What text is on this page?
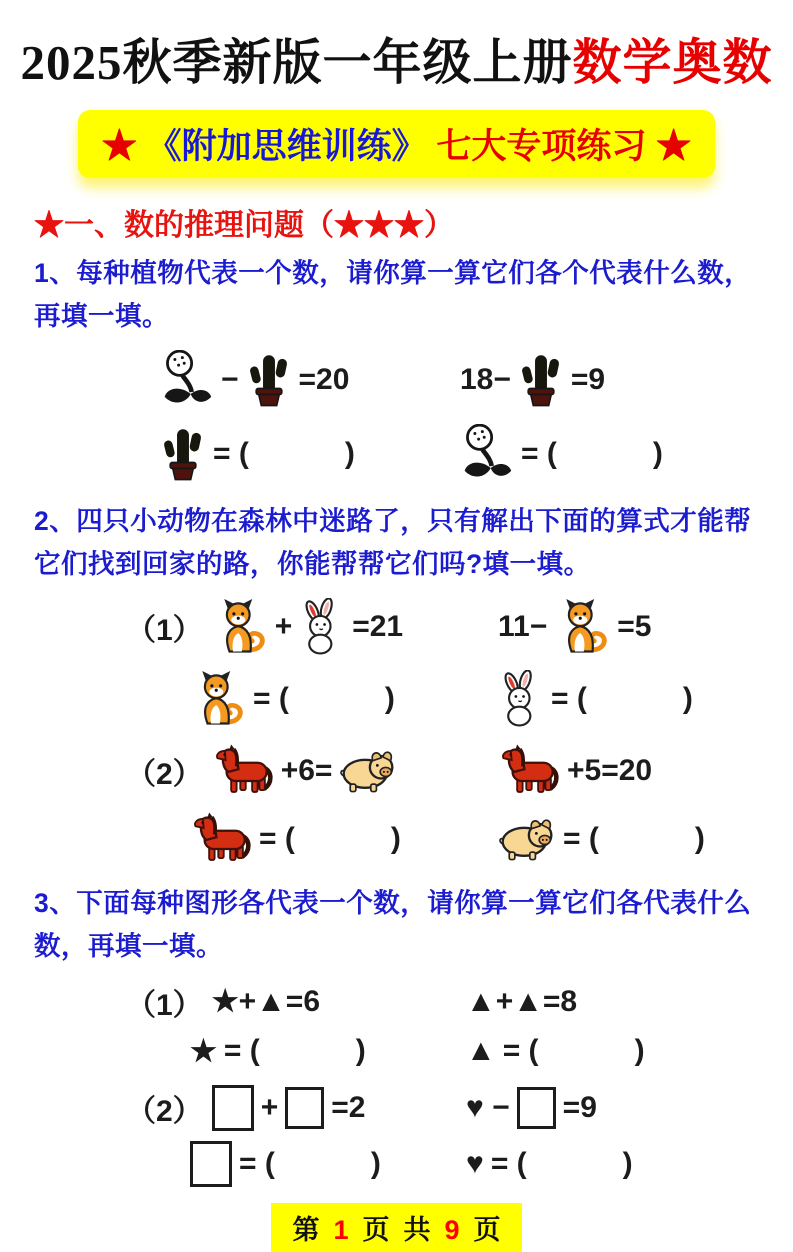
2025秋季新版一年级上册数学奥数
★ 《附加思维训练》 七大专项练习 ★
★一、数的推理问题（★★★）
1、每种植物代表一个数，请你算一算它们各个代表什么数，再填一填。
− =20	18− =9
= (	)	= (	)
2、四只小动物在森林中迷路了，只有解出下面的算式才能帮它们找到回家的路，你能帮帮它们吗?填一填。
（1） + =21	11− =5
= (	)	= (	)
（2）	+6=	+5=20
= (	)	= (	)
3、下面每种图形各代表一个数，请你算一算它们各代表什么数，再填一填。
（1） ★+▲=6	▲+▲=8
★ = (	)	▲ = (	)
（2） + =2	♥ − =9
= (	)	♥ = (	)
第 1 页 共 9 页
